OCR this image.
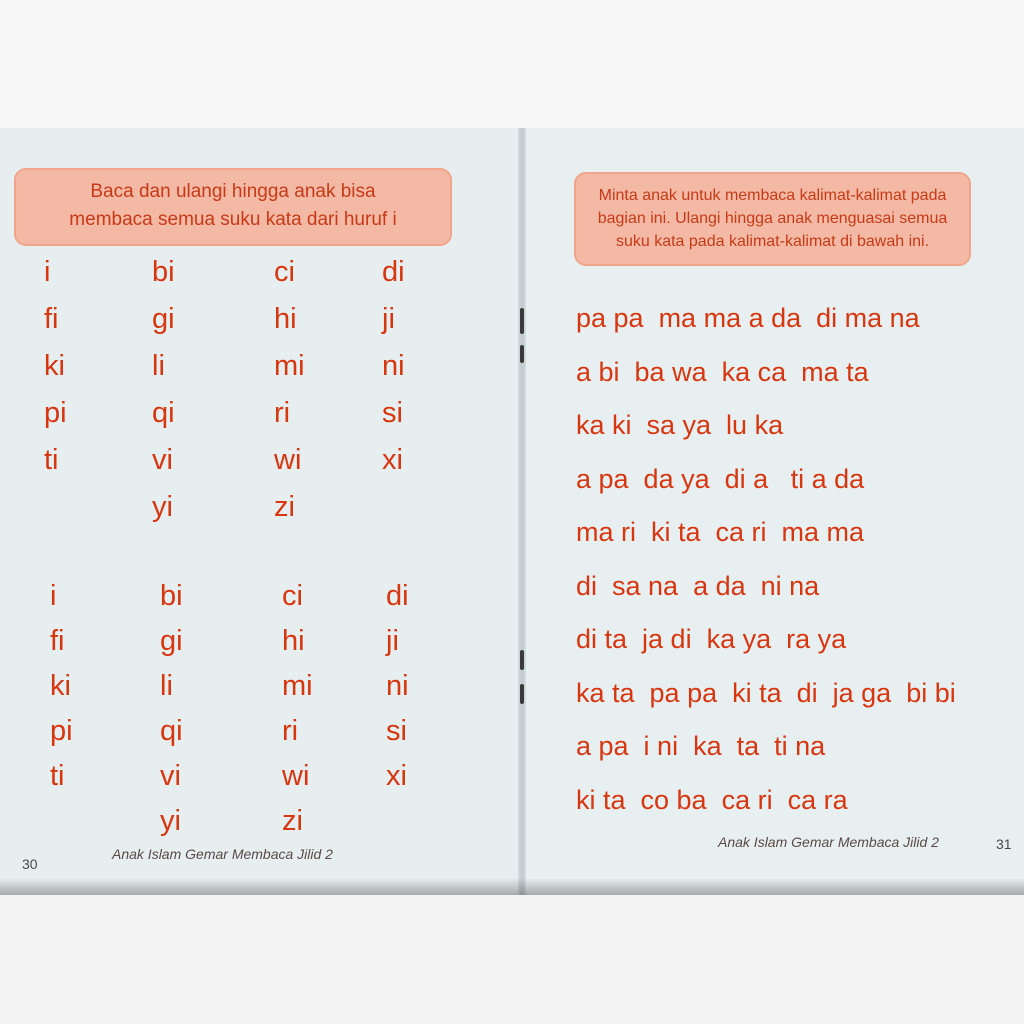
Baca dan ulangi hingga anak bisa
membaca semua suku kata dari huruf i
i
fi
ki
pi
ti
bi
gi
li
qi
vi
yi
ci
hi
mi
ri
wi
zi
di
ji
ni
si
xi
i
fi
ki
pi
ti
bi
gi
li
qi
vi
yi
ci
hi
mi
ri
wi
zi
di
ji
ni
si
xi
Anak Islam Gemar Membaca Jilid 2
30
Minta anak untuk membaca kalimat-kalimat pada
bagian ini. Ulangi hingga anak menguasai semua
suku kata pada kalimat-kalimat di bawah ini.
pa pa  ma ma a da  di ma na
a bi  ba wa  ka ca  ma ta
ka ki  sa ya  lu ka
a pa  da ya  di a   ti a da
ma ri  ki ta  ca ri  ma ma
di  sa na  a da  ni na
di ta  ja di  ka ya  ra ya
ka ta  pa pa  ki ta  di  ja ga  bi bi
a pa  i ni  ka  ta  ti na
ki ta  co ba  ca ri  ca ra
Anak Islam Gemar Membaca Jilid 2	31
